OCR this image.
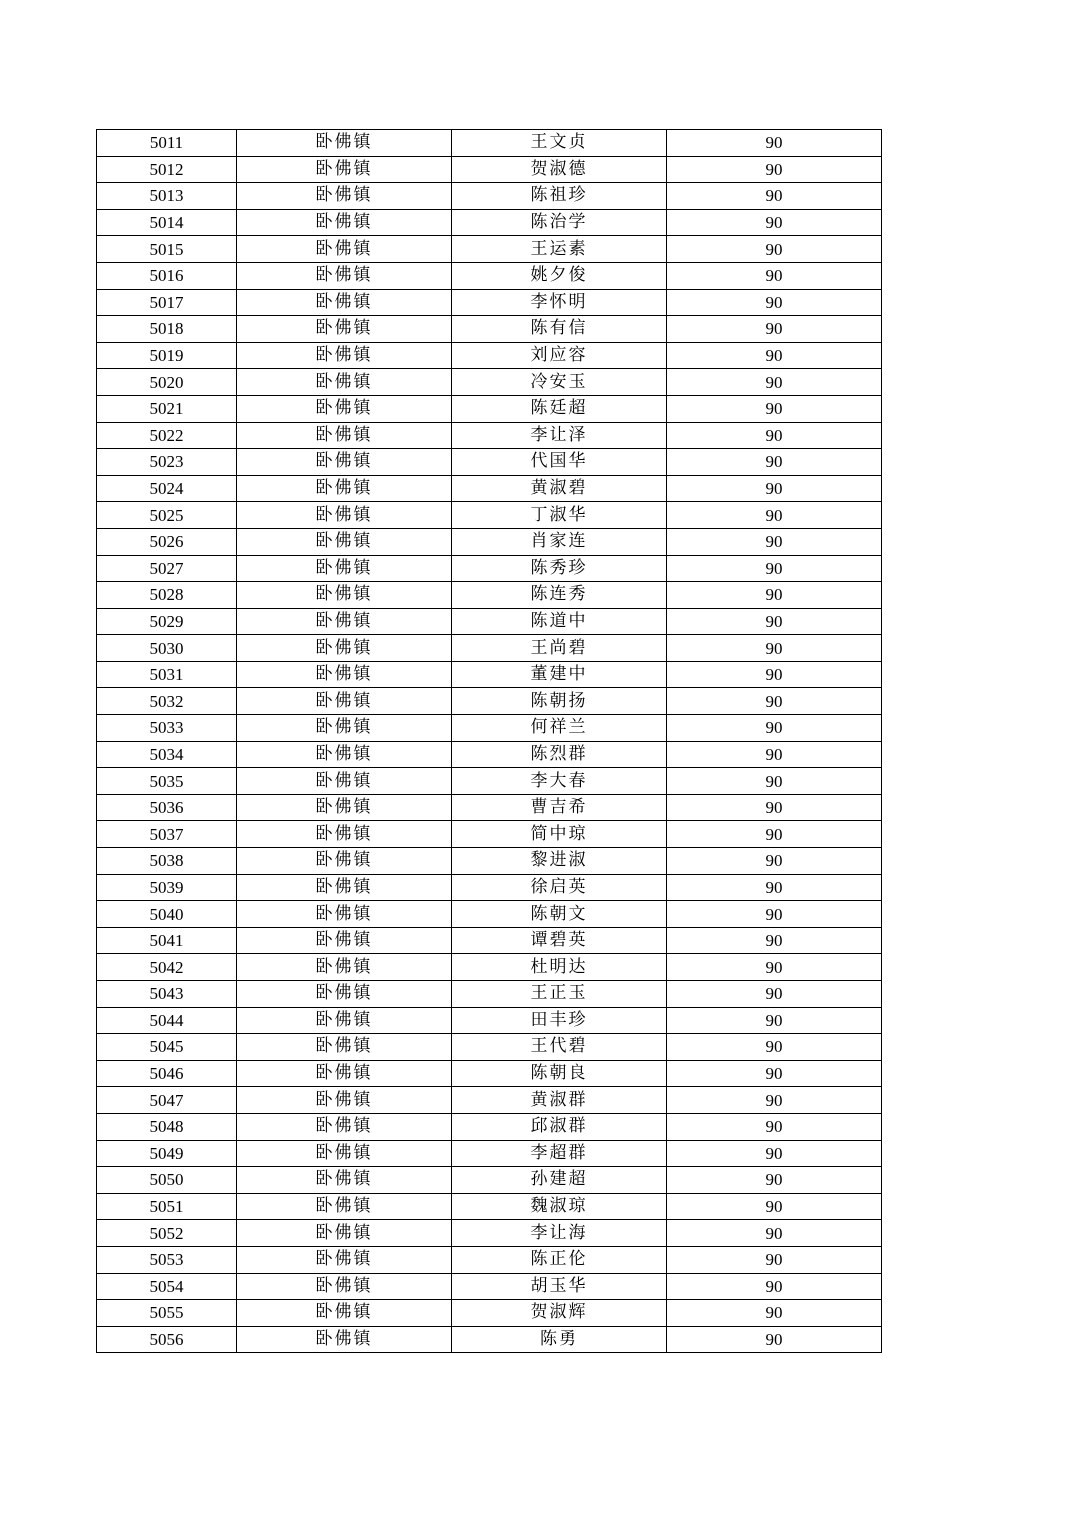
5011	卧佛镇	王文贞	90
5012	卧佛镇	贺淑德	90
5013	卧佛镇	陈祖珍	90
5014	卧佛镇	陈治学	90
5015	卧佛镇	王运素	90
5016	卧佛镇	姚夕俊	90
5017	卧佛镇	李怀明	90
5018	卧佛镇	陈有信	90
5019	卧佛镇	刘应容	90
5020	卧佛镇	冷安玉	90
5021	卧佛镇	陈廷超	90
5022	卧佛镇	李让泽	90
5023	卧佛镇	代国华	90
5024	卧佛镇	黄淑碧	90
5025	卧佛镇	丁淑华	90
5026	卧佛镇	肖家连	90
5027	卧佛镇	陈秀珍	90
5028	卧佛镇	陈连秀	90
5029	卧佛镇	陈道中	90
5030	卧佛镇	王尚碧	90
5031	卧佛镇	董建中	90
5032	卧佛镇	陈朝扬	90
5033	卧佛镇	何祥兰	90
5034	卧佛镇	陈烈群	90
5035	卧佛镇	李大春	90
5036	卧佛镇	曹吉希	90
5037	卧佛镇	简中琼	90
5038	卧佛镇	黎进淑	90
5039	卧佛镇	徐启英	90
5040	卧佛镇	陈朝文	90
5041	卧佛镇	谭碧英	90
5042	卧佛镇	杜明达	90
5043	卧佛镇	王正玉	90
5044	卧佛镇	田丰珍	90
5045	卧佛镇	王代碧	90
5046	卧佛镇	陈朝良	90
5047	卧佛镇	黄淑群	90
5048	卧佛镇	邱淑群	90
5049	卧佛镇	李超群	90
5050	卧佛镇	孙建超	90
5051	卧佛镇	魏淑琼	90
5052	卧佛镇	李让海	90
5053	卧佛镇	陈正伦	90
5054	卧佛镇	胡玉华	90
5055	卧佛镇	贺淑辉	90
5056	卧佛镇	陈勇	90
